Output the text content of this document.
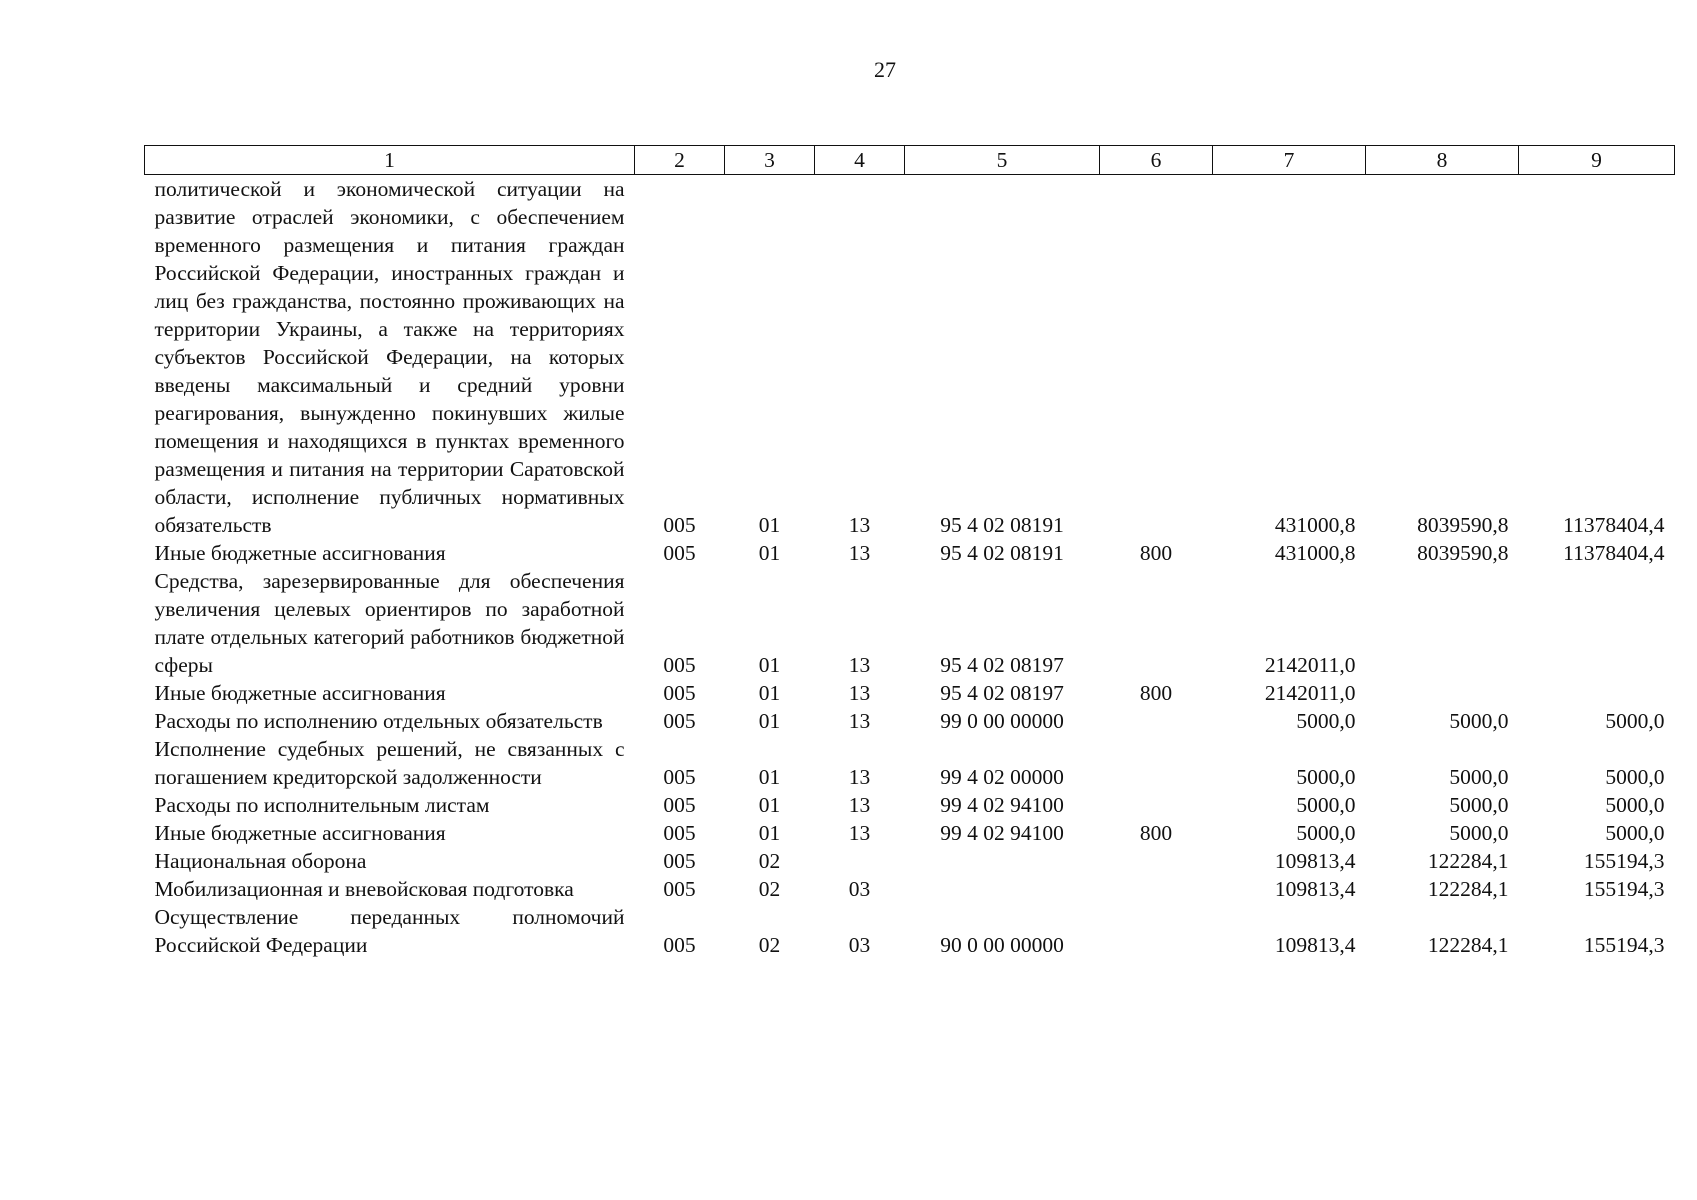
27
1	2	3	4	5	6	7	8	9
политической и экономической ситуации на развитие отраслей экономики, с обеспечением временного размещения и питания граждан Российской Федерации, иностранных граждан и лиц без гражданства, постоянно проживающих на территории Украины, а также на территориях субъектов Российской Федерации, на которых введены максимальный и средний уровни реагирования, вынужденно покинувших жилые помещения и находящихся в пунктах временного размещения и питания на территории Саратовской области, исполнение публичных нормативных обязательств	005	01	13	95 4 02 08191		431000,8	8039590,8	11378404,4
Иные бюджетные ассигнования	005	01	13	95 4 02 08191	800	431000,8	8039590,8	11378404,4
Средства, зарезервированные для обеспечения увеличения целевых ориентиров по заработной плате отдельных категорий работников бюджетной сферы	005	01	13	95 4 02 08197		2142011,0		
Иные бюджетные ассигнования	005	01	13	95 4 02 08197	800	2142011,0		
Расходы по исполнению отдельных обязательств	005	01	13	99 0 00 00000		5000,0	5000,0	5000,0
Исполнение судебных решений, не связанных с погашением кредиторской задолженности	005	01	13	99 4 02 00000		5000,0	5000,0	5000,0
Расходы по исполнительным листам	005	01	13	99 4 02 94100		5000,0	5000,0	5000,0
Иные бюджетные ассигнования	005	01	13	99 4 02 94100	800	5000,0	5000,0	5000,0
Национальная оборона	005	02				109813,4	122284,1	155194,3
Мобилизационная и вневойсковая подготовка	005	02	03			109813,4	122284,1	155194,3
Осуществление переданных полномочий Российской Федерации	005	02	03	90 0 00 00000		109813,4	122284,1	155194,3
